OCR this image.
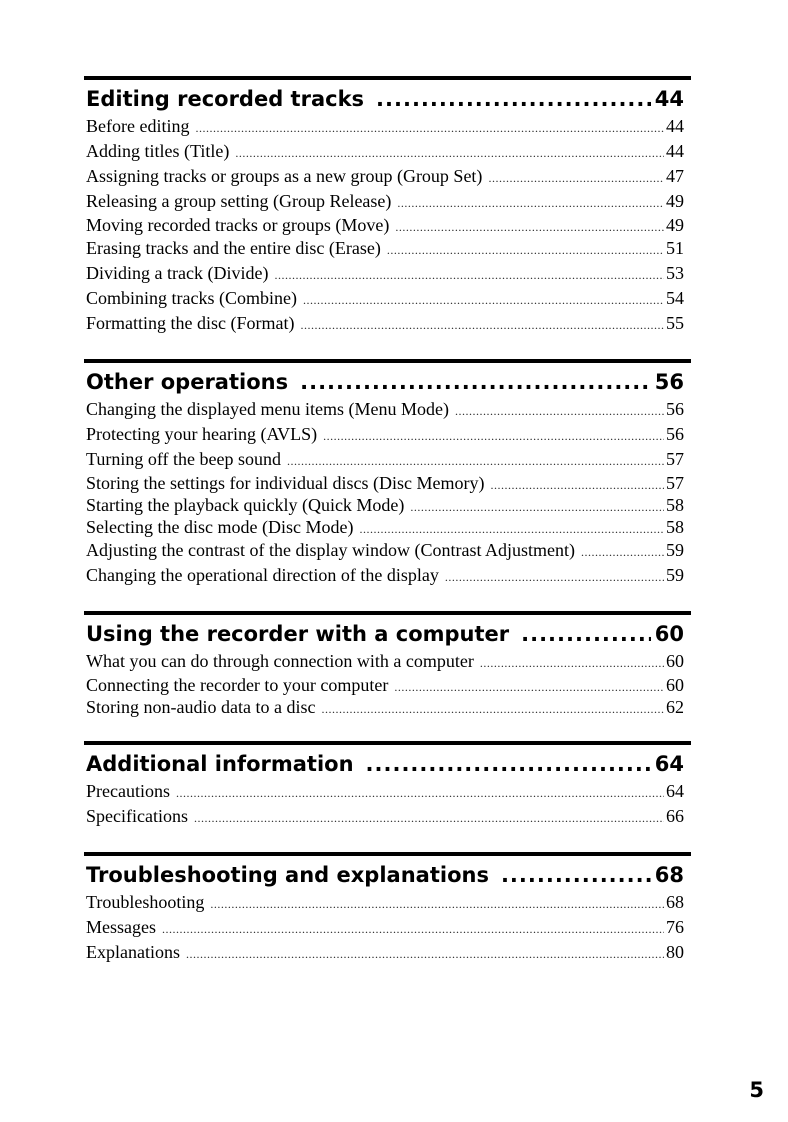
Editing recorded tracks .....	44
Before editing .....	44
Adding titles (Title) .....	44
Assigning tracks or groups as a new group (Group Set) .....	47
Releasing a group setting (Group Release) .....	49
Moving recorded tracks or groups (Move) .....	49
Erasing tracks and the entire disc (Erase) .....	51
Dividing a track (Divide) .....	53
Combining tracks (Combine) .....	54
Formatting the disc (Format) .....	55
Other operations .....	56
Changing the displayed menu items (Menu Mode) .....	56
Protecting your hearing (AVLS) .....	56
Turning off the beep sound .....	57
Storing the settings for individual discs (Disc Memory) .....	57
Starting the playback quickly (Quick Mode) .....	58
Selecting the disc mode (Disc Mode) .....	58
Adjusting the contrast of the display window (Contrast Adjustment) .....	59
Changing the operational direction of the display .....	59
Using the recorder with a computer .....	60
What you can do through connection with a computer .....	60
Connecting the recorder to your computer .....	60
Storing non-audio data to a disc .....	62
Additional information .....	64
Precautions .....	64
Specifications .....	66
Troubleshooting and explanations .....	68
Troubleshooting .....	68
Messages .....	76
Explanations .....	80
5
